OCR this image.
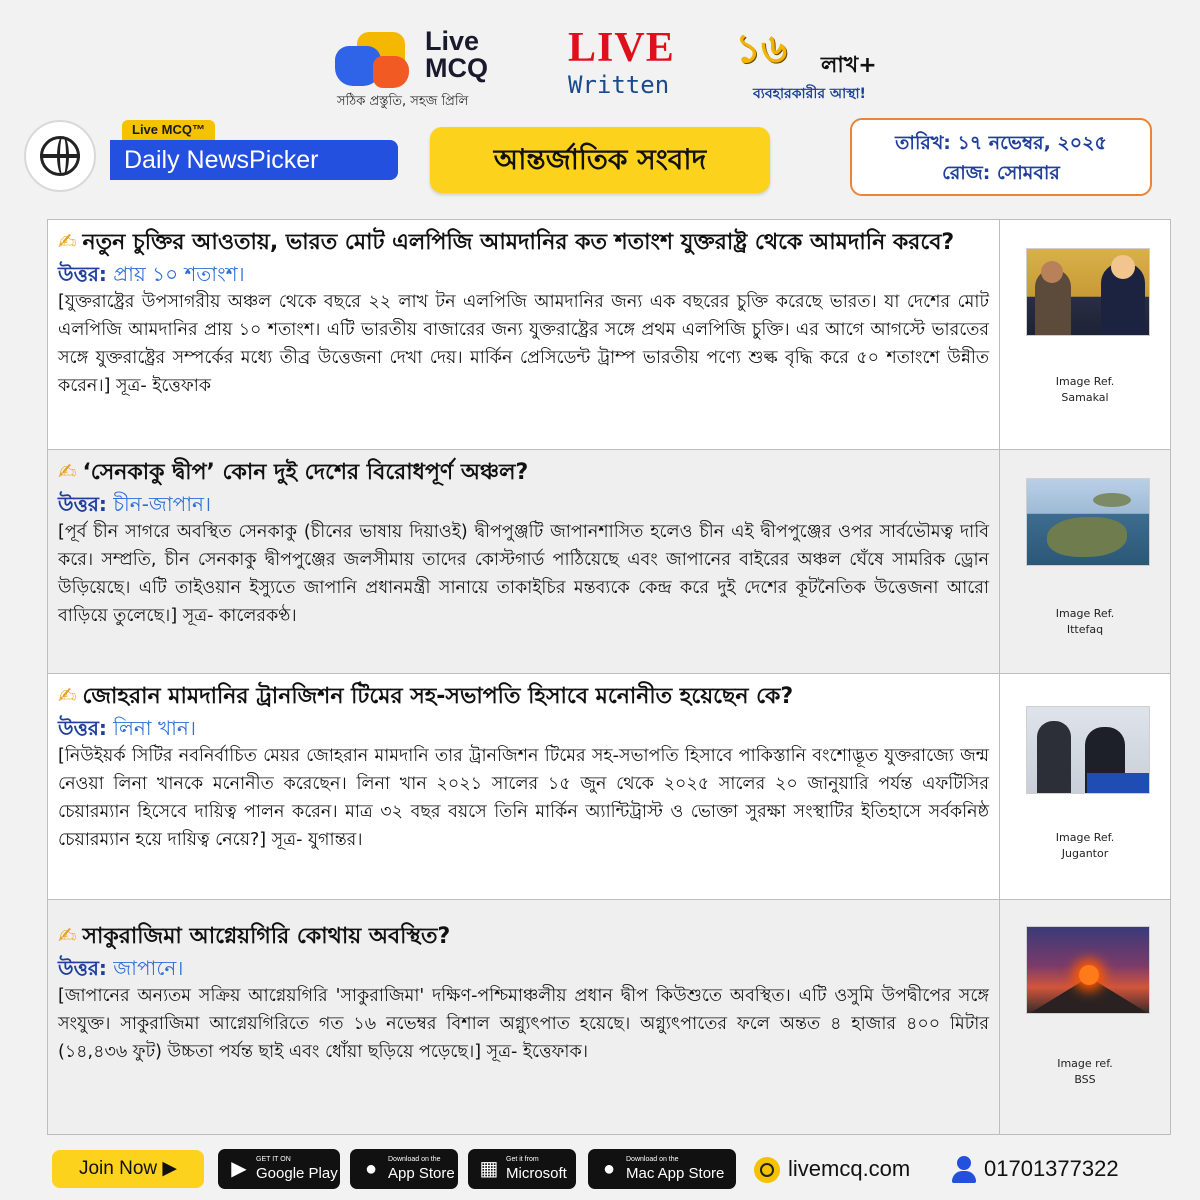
Live
MCQ
সঠিক প্রস্তুতি, সহজ প্রিলি
LIVE
Written
১৬ লাখ+
ব্যবহারকারীর আস্থা!
Live MCQ™
Daily NewsPicker	আন্তর্জাতিক সংবাদ	তারিখ: ১৭ নভেম্বর, ২০২৫
রোজ: সোমবার
✍ নতুন চুক্তির আওতায়, ভারত মোট এলপিজি আমদানির কত শতাংশ যুক্তরাষ্ট্র থেকে আমদানি করবে?
উত্তর: প্রায় ১০ শতাংশ।
[যুক্তরাষ্ট্রের উপসাগরীয় অঞ্চল থেকে বছরে ২২ লাখ টন এলপিজি আমদানির জন্য এক বছরের চুক্তি করেছে ভারত। যা দেশের মোট এলপিজি আমদানির প্রায় ১০ শতাংশ। এটি ভারতীয় বাজারের জন্য যুক্তরাষ্ট্রের সঙ্গে প্রথম এলপিজি চুক্তি। এর আগে আগস্টে ভারতের সঙ্গে যুক্তরাষ্ট্রের সম্পর্কের মধ্যে তীব্র উত্তেজনা দেখা দেয়। মার্কিন প্রেসিডেন্ট ট্রাম্প ভারতীয় পণ্যে শুল্ক বৃদ্ধি করে ৫০ শতাংশে উন্নীত করেন।] সূত্র- ইত্তেফাক	Image Ref.
Samakal
✍ ‘সেনকাকু দ্বীপ’ কোন দুই দেশের বিরোধপূর্ণ অঞ্চল?
উত্তর: চীন-জাপান।
[পূর্ব চীন সাগরে অবস্থিত সেনকাকু (চীনের ভাষায় দিয়াওই) দ্বীপপুঞ্জটি জাপানশাসিত হলেও চীন এই দ্বীপপুঞ্জের ওপর সার্বভৌমত্ব দাবি করে। সম্প্রতি, চীন সেনকাকু দ্বীপপুঞ্জের জলসীমায় তাদের কোস্টগার্ড পাঠিয়েছে এবং জাপানের বাইরের অঞ্চল ঘেঁষে সামরিক ড্রোন উড়িয়েছে। এটি তাইওয়ান ইস্যুতে জাপানি প্রধানমন্ত্রী সানায়ে তাকাইচির মন্তব্যকে কেন্দ্র করে দুই দেশের কূটনৈতিক উত্তেজনা আরো বাড়িয়ে তুলেছে।] সূত্র- কালেরকণ্ঠ।	Image Ref.
Ittefaq
✍ জোহরান মামদানির ট্রানজিশন টিমের সহ-সভাপতি হিসাবে মনোনীত হয়েছেন কে?
উত্তর: লিনা খান।
[নিউইয়র্ক সিটির নবনির্বাচিত মেয়র জোহরান মামদানি তার ট্রানজিশন টিমের সহ-সভাপতি হিসাবে পাকিস্তানি বংশোদ্ভূত যুক্তরাজ্যে জন্ম নেওয়া লিনা খানকে মনোনীত করেছেন। লিনা খান ২০২১ সালের ১৫ জুন থেকে ২০২৫ সালের ২০ জানুয়ারি পর্যন্ত এফটিসির চেয়ারম্যান হিসেবে দায়িত্ব পালন করেন। মাত্র ৩২ বছর বয়সে তিনি মার্কিন অ্যান্টিট্রাস্ট ও ভোক্তা সুরক্ষা সংস্থাটির ইতিহাসে সর্বকনিষ্ঠ চেয়ারম্যান হয়ে দায়িত্ব নেয়ে?] সূত্র- যুগান্তর।	Image Ref.
Jugantor
✍ সাকুরাজিমা আগ্নেয়গিরি কোথায় অবস্থিত?
উত্তর: জাপানে।
[জাপানের অন্যতম সক্রিয় আগ্নেয়গিরি 'সাকুরাজিমা' দক্ষিণ-পশ্চিমাঞ্চলীয় প্রধান দ্বীপ কিউশুতে অবস্থিত। এটি ওসুমি উপদ্বীপের সঙ্গে সংযুক্ত। সাকুরাজিমা আগ্নেয়গিরিতে গত ১৬ নভেম্বর বিশাল অগ্ন্যুৎপাত হয়েছে। অগ্ন্যুৎপাতের ফলে অন্তত ৪ হাজার ৪০০ মিটার (১৪,৪৩৬ ফুট) উচ্চতা পর্যন্ত ছাই এবং ধোঁয়া ছড়িয়ে পড়েছে।] সূত্র- ইত্তেফাক।
Image ref.
BSS
Join Now ▶	▶	GET IT ON
Google Play ●	Download on the
App Store ▦ Get it from
Microsoft	●	Download on the
Mac App Store	livemcq.com	01701377322
